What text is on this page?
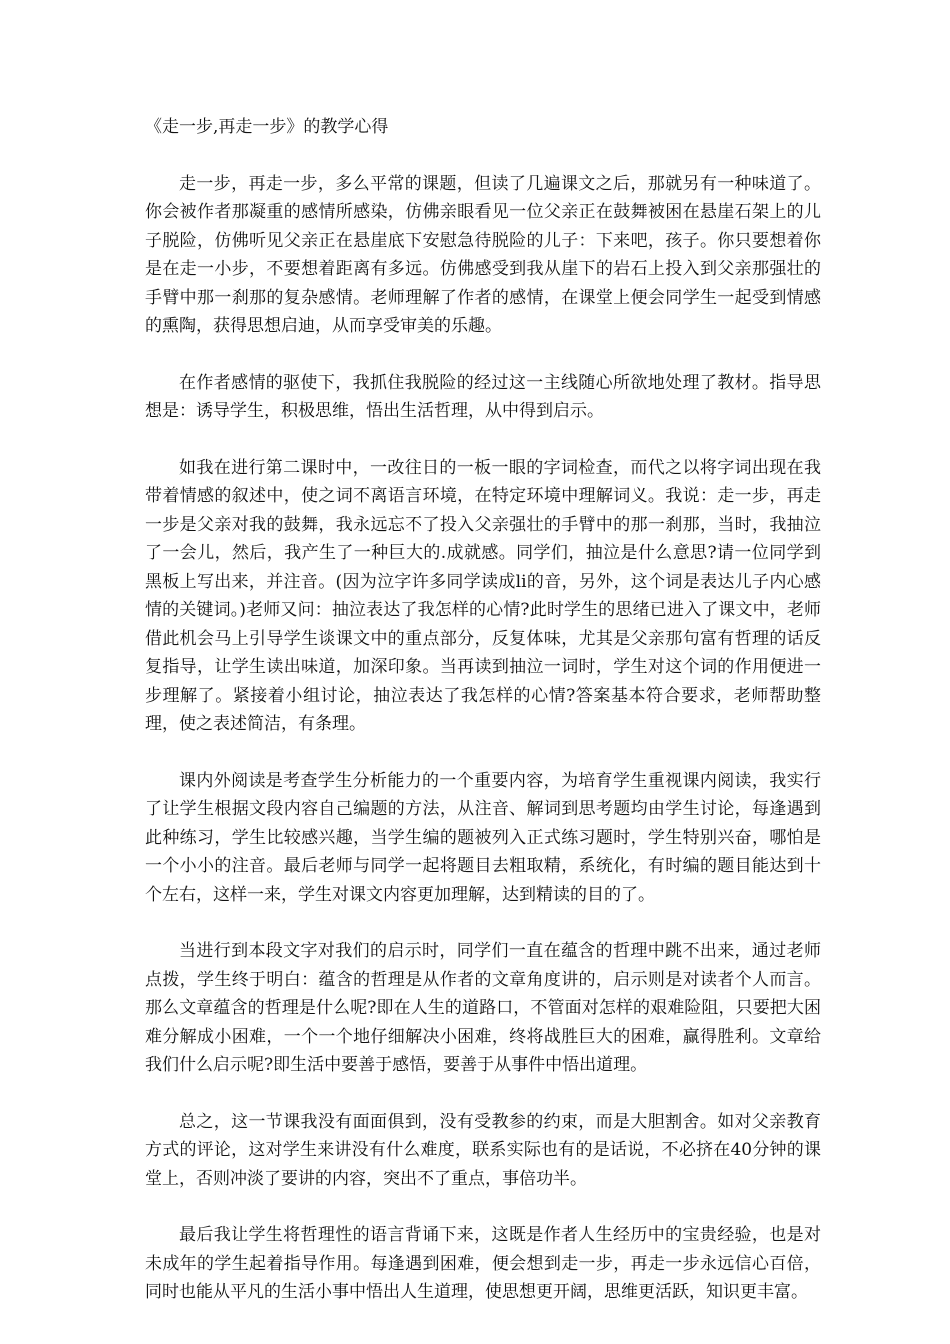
《走一步,再走一步》的教学心得

走一步，再走一步，多么平常的课题，但读了几遍课文之后，那就另有一种味道了。你会被作者那凝重的感情所感染，仿佛亲眼看见一位父亲正在鼓舞被困在悬崖石架上的儿子脱险，仿佛听见父亲正在悬崖底下安慰急待脱险的儿子：下来吧，孩子。你只要想着你是在走一小步，不要想着距离有多远。仿佛感受到我从崖下的岩石上投入到父亲那强壮的手臂中那一刹那的复杂感情。老师理解了作者的感情，在课堂上便会同学生一起受到情感的熏陶，获得思想启迪，从而享受审美的乐趣。

在作者感情的驱使下，我抓住我脱险的经过这一主线随心所欲地处理了教材。指导思想是：诱导学生，积极思维，悟出生活哲理，从中得到启示。

如我在进行第二课时中，一改往日的一板一眼的字词检查，而代之以将字词出现在我带着情感的叙述中，使之词不离语言环境，在特定环境中理解词义。我说：走一步，再走一步是父亲对我的鼓舞，我永远忘不了投入父亲强壮的手臂中的那一刹那，当时，我抽泣了一会儿，然后，我产生了一种巨大的.成就感。同学们，抽泣是什么意思?请一位同学到黑板上写出来，并注音。(因为泣字许多同学读成li的音，另外，这个词是表达儿子内心感情的关键词。)老师又问：抽泣表达了我怎样的心情?此时学生的思绪已进入了课文中，老师借此机会马上引导学生谈课文中的重点部分，反复体味，尤其是父亲那句富有哲理的话反复指导，让学生读出味道，加深印象。当再读到抽泣一词时，学生对这个词的作用便进一步理解了。紧接着小组讨论，抽泣表达了我怎样的心情?答案基本符合要求，老师帮助整理，使之表述简洁，有条理。

课内外阅读是考查学生分析能力的一个重要内容，为培育学生重视课内阅读，我实行了让学生根据文段内容自己编题的方法，从注音、解词到思考题均由学生讨论，每逢遇到此种练习，学生比较感兴趣，当学生编的题被列入正式练习题时，学生特别兴奋，哪怕是一个小小的注音。最后老师与同学一起将题目去粗取精，系统化，有时编的题目能达到十个左右，这样一来，学生对课文内容更加理解，达到精读的目的了。

当进行到本段文字对我们的启示时，同学们一直在蕴含的哲理中跳不出来，通过老师点拨，学生终于明白：蕴含的哲理是从作者的文章角度讲的，启示则是对读者个人而言。那么文章蕴含的哲理是什么呢?即在人生的道路口，不管面对怎样的艰难险阻，只要把大困难分解成小困难，一个一个地仔细解决小困难，终将战胜巨大的困难，赢得胜利。文章给我们什么启示呢?即生活中要善于感悟，要善于从事件中悟出道理。

总之，这一节课我没有面面俱到，没有受教参的约束，而是大胆割舍。如对父亲教育方式的评论，这对学生来讲没有什么难度，联系实际也有的是话说，不必挤在40分钟的课堂上，否则冲淡了要讲的内容，突出不了重点，事倍功半。

最后我让学生将哲理性的语言背诵下来，这既是作者人生经历中的宝贵经验，也是对未成年的学生起着指导作用。每逢遇到困难，便会想到走一步，再走一步永远信心百倍，同时也能从平凡的生活小事中悟出人生道理，使思想更开阔，思维更活跃，知识更丰富。
